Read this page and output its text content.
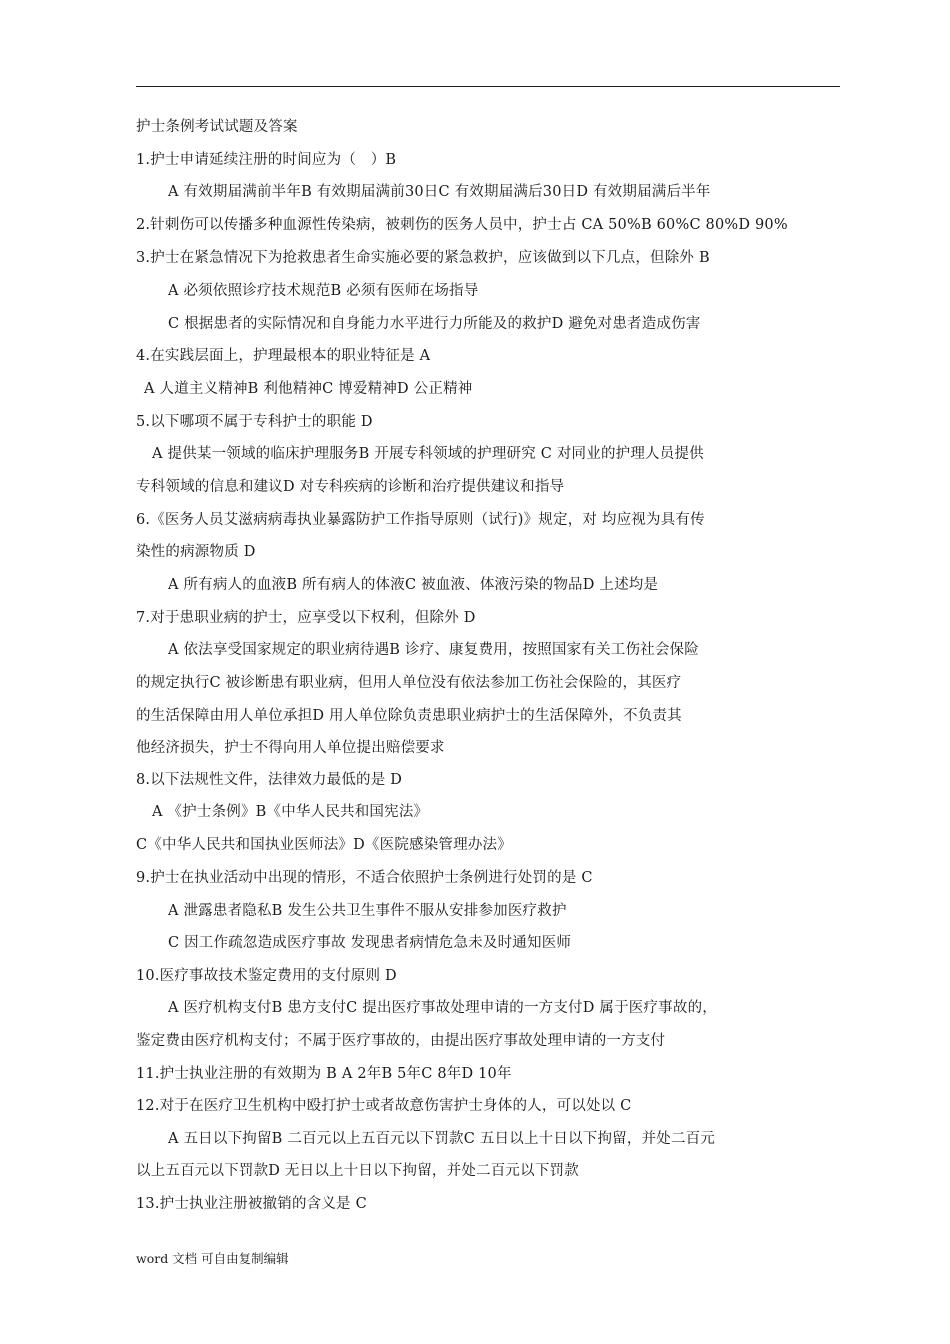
护士条例考试试题及答案
1.护士申请延续注册的时间应为（　）B
A 有效期届满前半年B 有效期届满前30日C 有效期届满后30日D 有效期届满后半年
2.针刺伤可以传播多种血源性传染病，被刺伤的医务人员中，护士占 CA 50%B 60%C 80%D 90%
3.护士在紧急情况下为抢救患者生命实施必要的紧急救护，应该做到以下几点，但除外 B
A 必须依照诊疗技术规范B 必须有医师在场指导
C 根据患者的实际情况和自身能力水平进行力所能及的救护D 避免对患者造成伤害
4.在实践层面上，护理最根本的职业特征是 A
A 人道主义精神B 利他精神C 博爱精神D 公正精神
5.以下哪项不属于专科护士的职能 D
A 提供某一领域的临床护理服务B 开展专科领域的护理研究 C 对同业的护理人员提供
专科领域的信息和建议D 对专科疾病的诊断和治疗提供建议和指导
6.《医务人员艾滋病病毒执业暴露防护工作指导原则（试行)》规定，对 均应视为具有传
染性的病源物质 D
A 所有病人的血液B 所有病人的体液C 被血液、体液污染的物品D 上述均是
7.对于患职业病的护士，应享受以下权利，但除外 D
A 依法享受国家规定的职业病待遇B 诊疗、康复费用，按照国家有关工伤社会保险
的规定执行C 被诊断患有职业病，但用人单位没有依法参加工伤社会保险的，其医疗
的生活保障由用人单位承担D 用人单位除负责患职业病护士的生活保障外，不负责其
他经济损失，护士不得向用人单位提出赔偿要求
8.以下法规性文件，法律效力最低的是 D
A 《护士条例》B《中华人民共和国宪法》
C《中华人民共和国执业医师法》D《医院感染管理办法》
9.护士在执业活动中出现的情形，不适合依照护士条例进行处罚的是 C
A 泄露患者隐私B 发生公共卫生事件不服从安排参加医疗救护
C 因工作疏忽造成医疗事故 发现患者病情危急未及时通知医师
10.医疗事故技术鉴定费用的支付原则 D
A 医疗机构支付B 患方支付C 提出医疗事故处理申请的一方支付D 属于医疗事故的，
鉴定费由医疗机构支付；不属于医疗事故的，由提出医疗事故处理申请的一方支付
11.护士执业注册的有效期为 B A 2年B 5年C 8年D 10年
12.对于在医疗卫生机构中殴打护士或者故意伤害护士身体的人，可以处以 C
A 五日以下拘留B 二百元以上五百元以下罚款C 五日以上十日以下拘留，并处二百元
以上五百元以下罚款D 无日以上十日以下拘留，并处二百元以下罚款
13.护士执业注册被撤销的含义是 C
word 文档 可自由复制编辑
